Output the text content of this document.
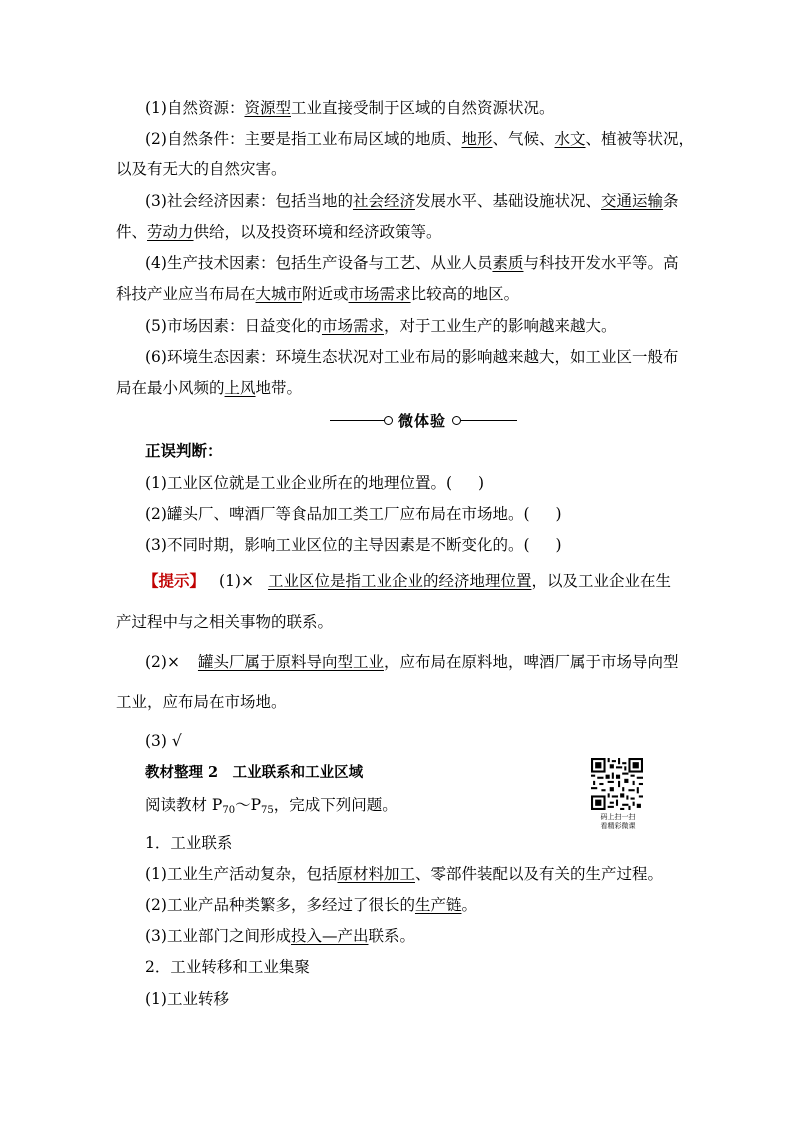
(1)自然资源：资源型工业直接受制于区域的自然资源状况。
(2)自然条件：主要是指工业布局区域的地质、地形、气候、水文、植被等状况，
以及有无大的自然灾害。
(3)社会经济因素：包括当地的社会经济发展水平、基础设施状况、交通运输条
件、劳动力供给，以及投资环境和经济政策等。
(4)生产技术因素：包括生产设备与工艺、从业人员素质与科技开发水平等。高
科技产业应当布局在大城市附近或市场需求比较高的地区。
(5)市场因素：日益变化的市场需求，对于工业生产的影响越来越大。
(6)环境生态因素：环境生态状况对工业布局的影响越来越大，如工业区一般布
局在最小风频的上风地带。
微体验
正误判断：
(1)工业区位就是工业企业所在的地理位置。( )
(2)罐头厂、啤酒厂等食品加工类工厂应布局在市场地。( )
(3)不同时期，影响工业区位的主导因素是不断变化的。( )
【提示】 (1)× 工业区位是指工业企业的经济地理位置，以及工业企业在生
产过程中与之相关事物的联系。
(2)× 罐头厂属于原料导向型工业，应布局在原料地，啤酒厂属于市场导向型
工业，应布局在市场地。
(3) √
教材整理 2　工业联系和工业区域
阅读教材 $P_{70}\sim P_{75}$，完成下列问题。
码上扫一扫
看精彩微课
1．工业联系
(1)工业生产活动复杂，包括原材料加工、零部件装配以及有关的生产过程。
(2)工业产品种类繁多，多经过了很长的生产链。
(3)工业部门之间形成投入—产出联系。
2．工业转移和工业集聚
(1)工业转移
